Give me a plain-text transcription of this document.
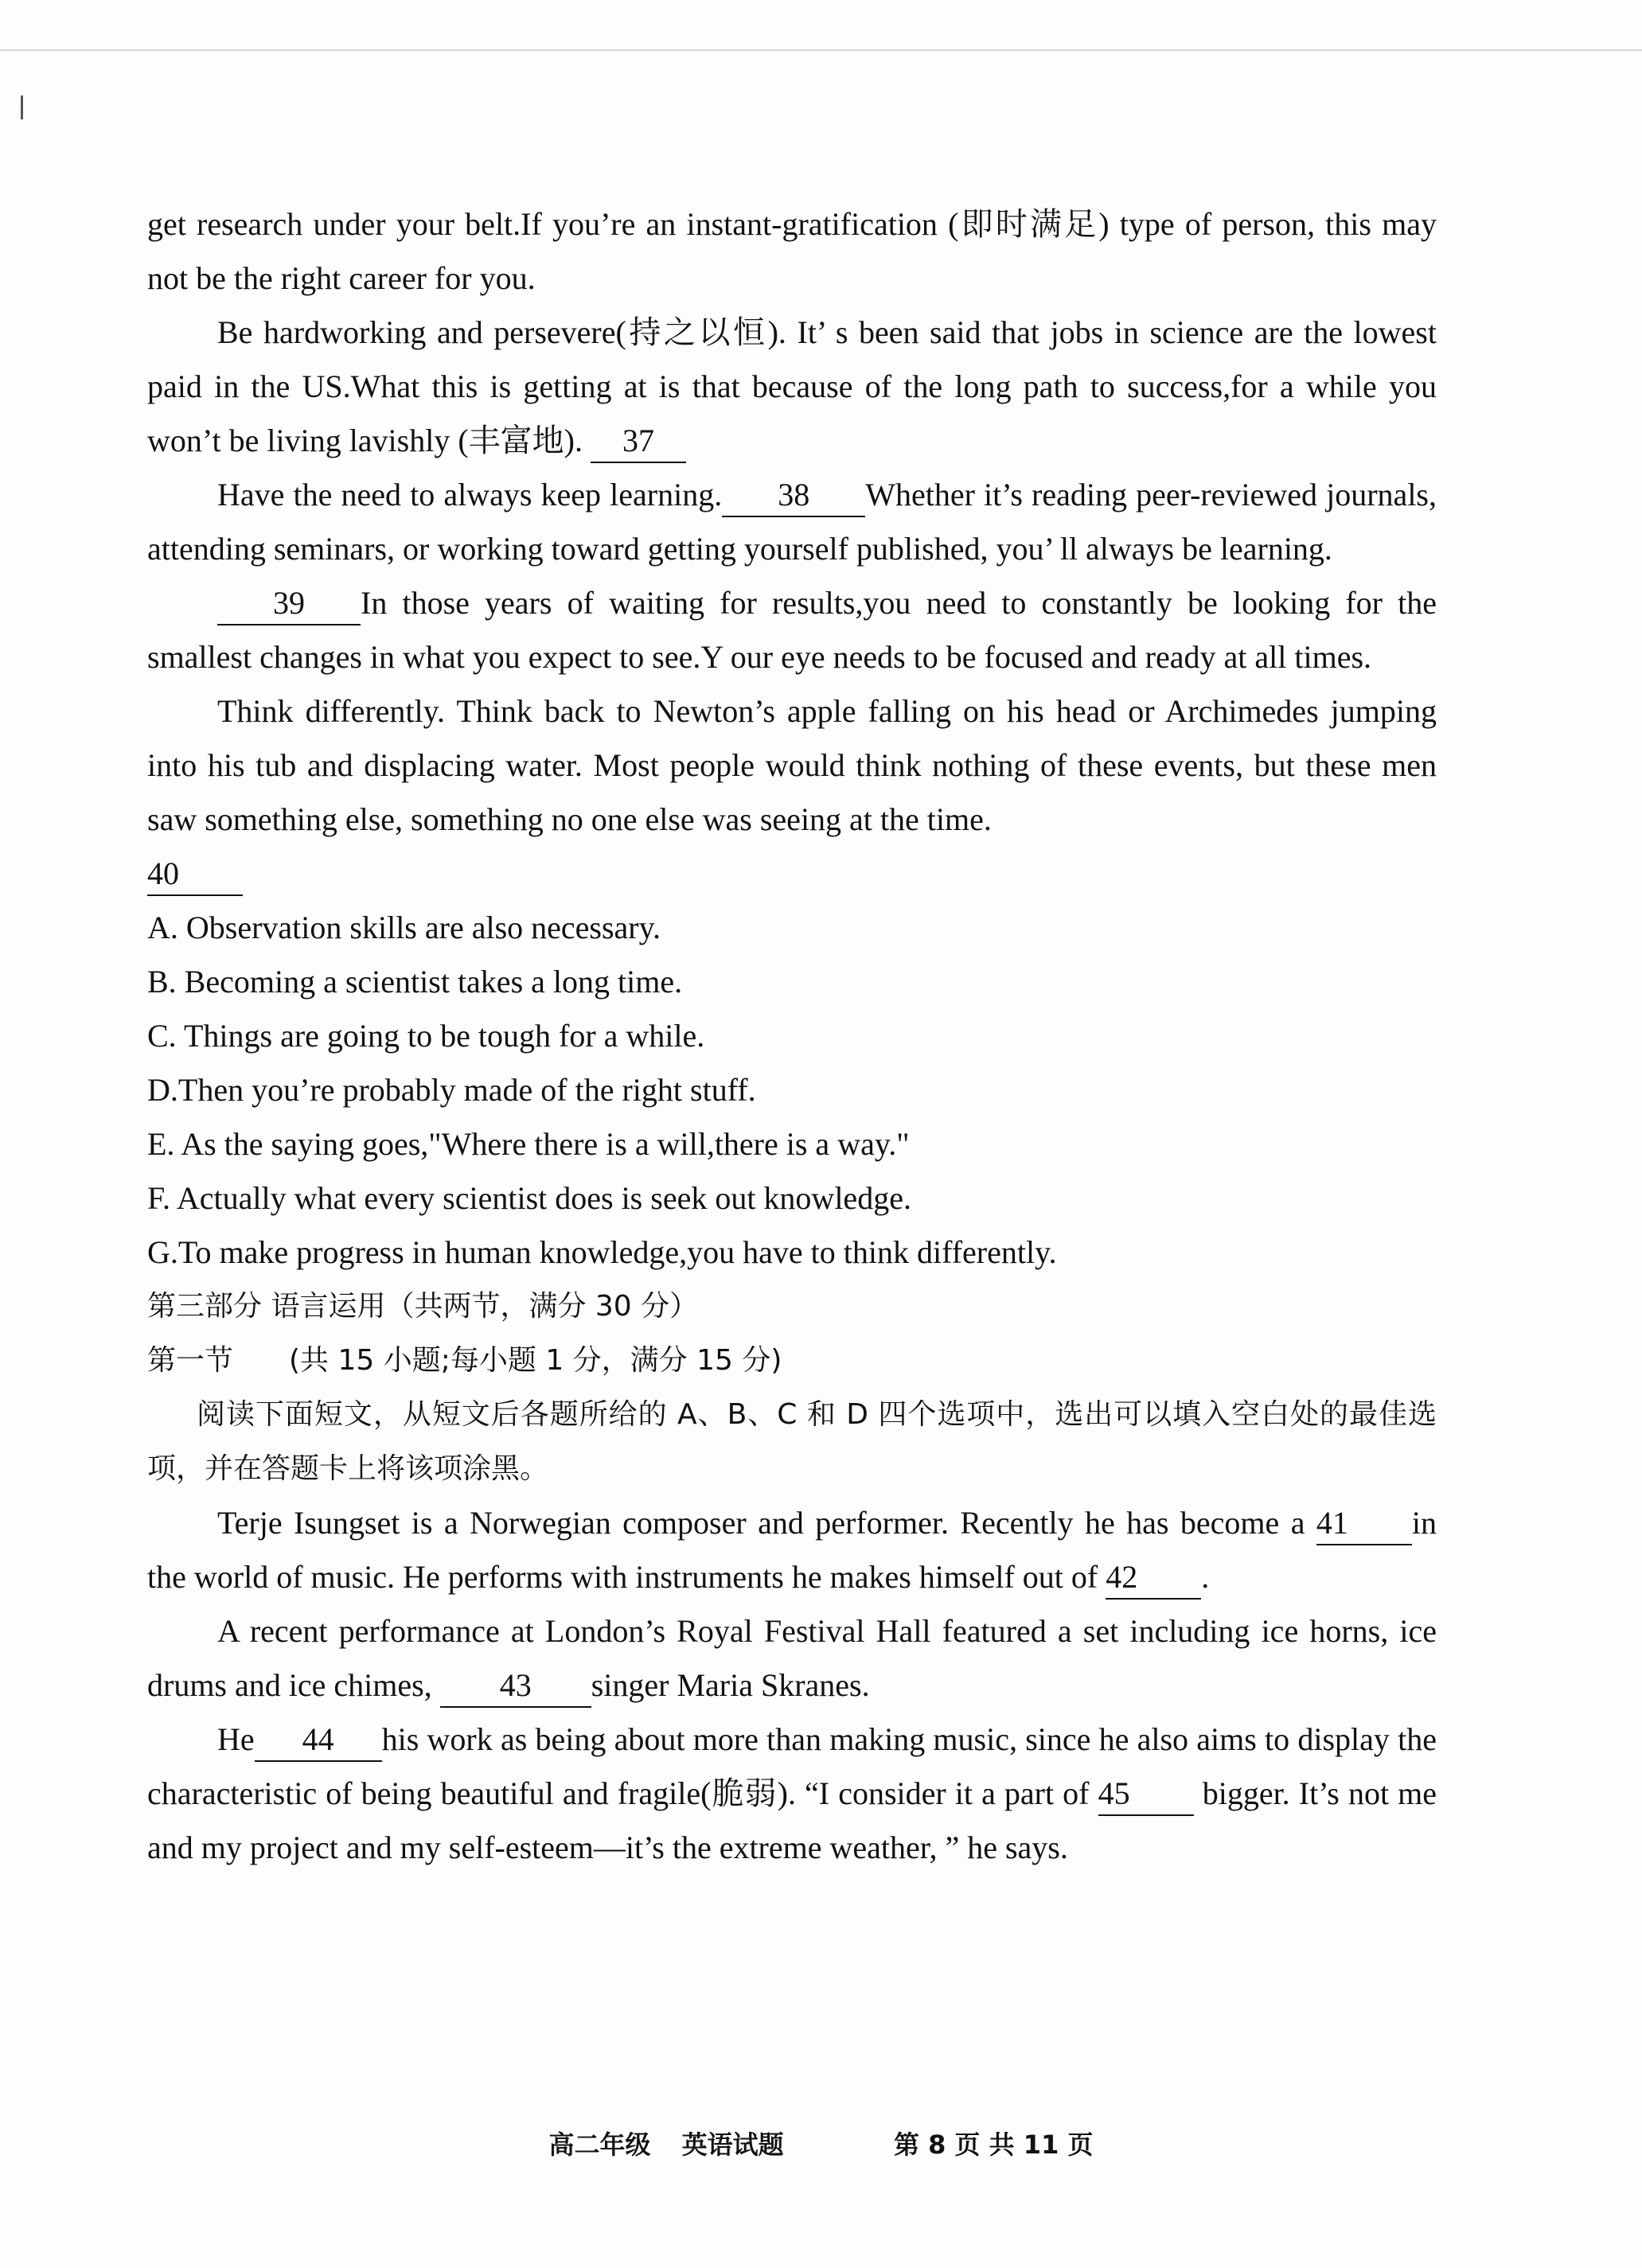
get research under your belt.If you’re an instant-gratification (即时满足) type of person, this may not be the right career for you.

Be hardworking and persevere(持之以恒). It’ s been said that jobs in science are the lowest paid in the US.What this is getting at is that because of the long path to success,for a while you won’t be living lavishly (丰富地). 37

Have the need to always keep learning. 38 Whether it’s reading peer-reviewed journals, attending seminars, or working toward getting yourself published, you’ ll always be learning.

39 In those years of waiting for results,you need to constantly be looking for the smallest changes in what you expect to see.Y our eye needs to be focused and ready at all times.

Think differently. Think back to Newton’s apple falling on his head or Archimedes jumping into his tub and displacing water. Most people would think nothing of these events, but these men saw something else, something no one else was seeing at the time.

40

A. Observation skills are also necessary.

B. Becoming a scientist takes a long time.

C. Things are going to be tough for a while.

D.Then you’re probably made of the right stuff.

E. As the saying goes,"Where there is a will,there is a way."

F. Actually what every scientist does is seek out knowledge.

G.To make progress in human knowledge,you have to think differently.

第三部分 语言运用（共两节，满分 30 分）

第一节 (共 15 小题;每小题 1 分，满分 15 分)

阅读下面短文，从短文后各题所给的 A、B、C 和 D 四个选项中，选出可以填入空白处的最佳选项，并在答题卡上将该项涂黑。

Terje Isungset is a Norwegian composer and performer. Recently he has become a 41 in the world of music. He performs with instruments he makes himself out of 42 .

A recent performance at London’s Royal Festival Hall featured a set including ice horns, ice drums and ice chimes, 43 singer Maria Skranes.

He 44 his work as being about more than making music, since he also aims to display the characteristic of being beautiful and fragile(脆弱). “I consider it a part of 45 bigger. It’s not me and my project and my self-esteem—it’s the extreme weather, ” he says.

高二年级 英语试题	第 8 页 共 11 页
